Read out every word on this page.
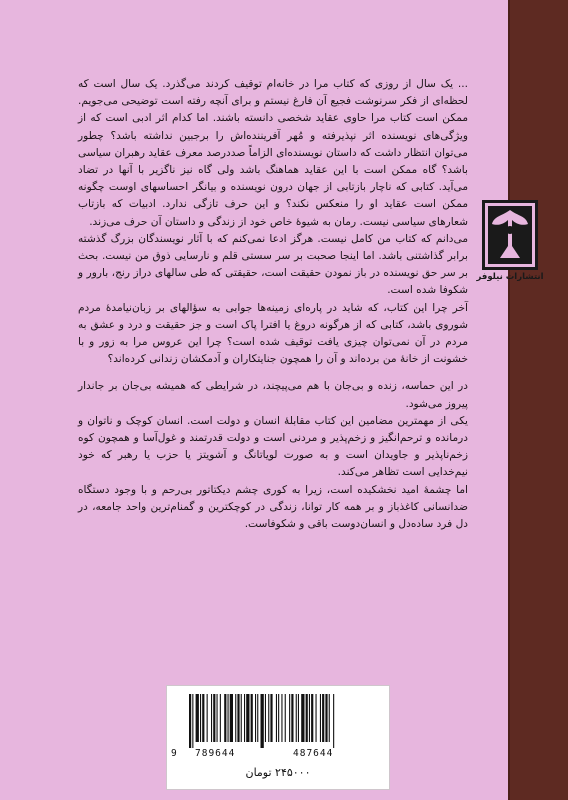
... یک سال از روزی که کتاب مرا در خانه‌ام توقیف کردند می‌گذرد. یک سال است که لحظه‌ای از فکر سرنوشت فجیع آن فارغ نیستم و برای آنچه رفته است توضیحی می‌جویم. ممکن است کتاب مرا حاوی عقاید شخصی دانسته باشند. اما کدام اثر ادبی است که از ویژگی‌های نویسنده اثر نپذیرفته و مُهر آفریننده‌اش را برجبین نداشته باشد؟ چطور می‌توان انتظار داشت که داستان نویسنده‌ای الزاماً صددرصد معرف عقاید رهبران سیاسی باشد؟ گاه ممکن است با این عقاید هماهنگ باشد ولی گاه نیز ناگزیر با آنها در تضاد می‌آید. کتابی که ناچار بازتابی از جهان درون نویسنده و بیانگر احساسهای اوست چگونه ممکن است عقاید او را منعکس نکند؟ و این حرف تازگی ندارد. ادبیات که بازتاب شعارهای سیاسی نیست. رمان به شیوهٔ خاص خود از زندگی و داستان آن حرف می‌زند.

می‌دانم که کتاب من کامل نیست. هرگز ادعا نمی‌کنم که با آثار نویسندگان بزرگ گذشته برابر گذاشتنی باشد. اما اینجا صحبت بر سر سستی قلم و نارسایی ذوق من نیست. بحث بر سر حق نویسنده در باز نمودن حقیقت است، حقیقتی که طی سالهای دراز رنج، بارور و شکوفا شده است.

آخر چرا این کتاب، که شاید در پاره‌ای زمینه‌ها جوابی به سؤالهای بر زبان‌نیامدهٔ مردم شوروی باشد، کتابی که از هرگونه دروغ یا افترا پاک است و جز حقیقت و درد و عشق به مردم در آن نمی‌توان چیزی یافت توقیف شده است؟ چرا این عروس مرا به زور و با خشونت از خانهٔ من برده‌اند و آن را همچون جنایتکاران و آدمکشان زندانی کرده‌اند؟

در این حماسه، زنده و بی‌جان با هم می‌پیچند، در شرایطی که همیشه بی‌جان بر جاندار پیروز می‌شود.

یکی از مهمترین مضامین این کتاب مقابلهٔ انسان و دولت است. انسان کوچک و ناتوان و درمانده و ترحم‌انگیز و زخم‌پذیر و مردنی است و دولت قدرتمند و غول‌آسا و همچون کوه زخم‌ناپذیر و جاویدان است و به صورت لویاتانگ و آشویتز یا حزب یا رهبر که خود نیم‌خدایی است تظاهر می‌کند.

اما چشمهٔ امید نخشکیده است، زیرا به کوری چشم دیکتاتور بی‌رحم و با وجود دستگاه ضدانسانی کاغذباز و بر همه کار توانا، زندگی در کوچکترین و گمنام‌ترین واحد جامعه، در دل فرد ساده‌دل و انسان‌دوست باقی و شکوفاست.

انتشارات نیلوفر
9 789644	487644
۲۴۵۰۰۰ تومان
